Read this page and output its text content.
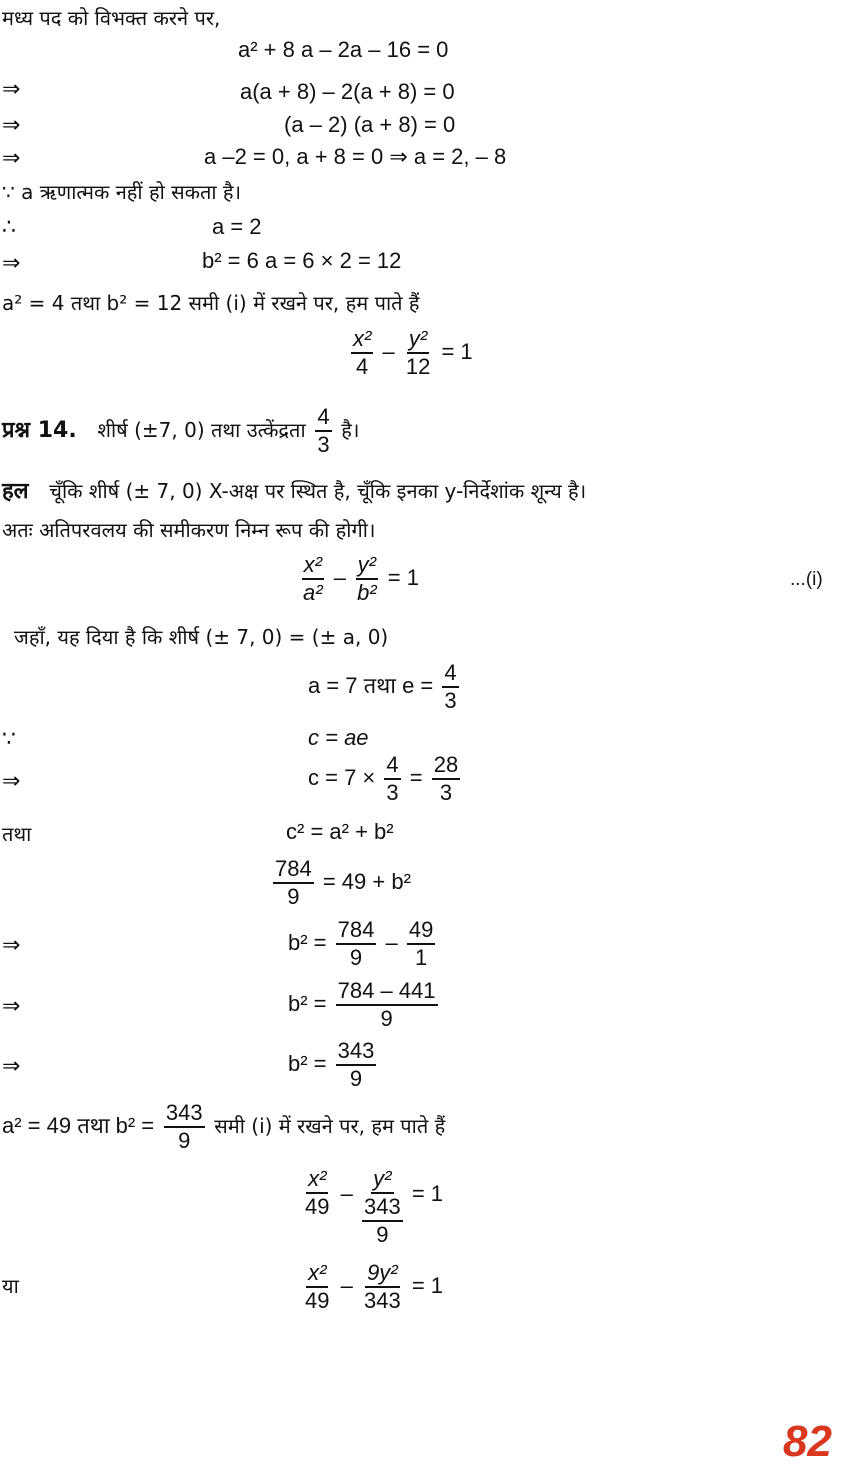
मध्य पद को विभक्त करने पर,
a² + 8 a – 2a – 16 = 0
⇒	a(a + 8) – 2(a + 8) = 0
⇒	(a – 2) (a + 8) = 0
⇒	a –2 = 0, a + 8 = 0 ⇒ a = 2, – 8
∵ a ऋणात्मक नहीं हो सकता है।
∴	a = 2
⇒	b² = 6 a = 6 × 2 = 12
a² = 4 तथा b² = 12 समी (i) में रखने पर, हम पाते हैं
$\frac{\text{x²}}{4} - \frac{\text{y²}}{12} = 1$
प्रश्न 14. शीर्ष (±7, 0) तथा उत्केंद्रता $\frac{4}{3}$ है।
हल चूँकि शीर्ष (± 7, 0) X-अक्ष पर स्थित है, चूँकि इनका y-निर्देशांक शून्य है।
अतः अतिपरवलय की समीकरण निम्न रूप की होगी।
$\frac{\text{x²}}{\text{a²}} - \frac{\text{y²}}{\text{b²}} = 1$	...(i)
जहाँ, यह दिया है कि शीर्ष (± 7, 0) = (± a, 0)
a = 7 तथा $e = \frac{4}{3}$
∵	c = ae
⇒	$c = 7 \times \frac{4}{3} = \frac{28}{3}$
तथा	c² = a² + b²
$\frac{784}{9} = 49 + b^2$
⇒	$b^2 = \frac{784}{9} - \frac{49}{1}$
⇒	$b^2 = \frac{784 - 441}{9}$
⇒	$b^2 = \frac{343}{9}$
a² = 49 तथा $b^2 = \frac{343}{9}$ समी (i) में रखने पर, हम पाते हैं
$\frac{\text{x²}}{49}$ –
y²
343
9
= 1
या	$\frac{\text{x²}}{49} - \frac{\text{9y²}}{343} = 1$
82
